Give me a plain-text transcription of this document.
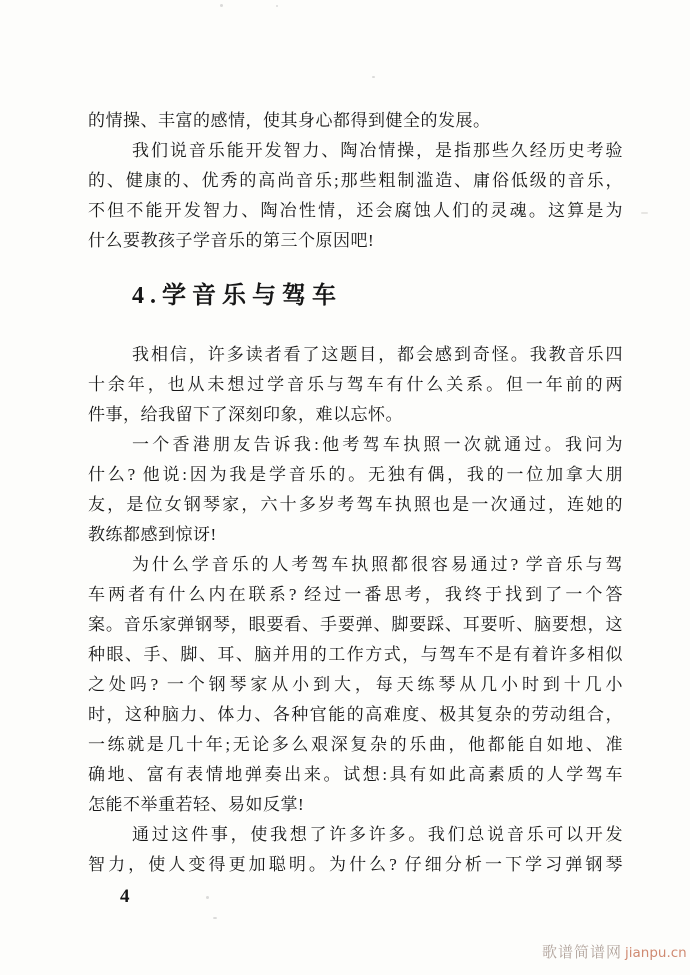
的情操、丰富的感情，使其身心都得到健全的发展。
我们说音乐能开发智力、陶冶情操，是指那些久经历史考验
的、健康的、优秀的高尚音乐;那些粗制滥造、庸俗低级的音乐，
不但不能开发智力、陶冶性情，还会腐蚀人们的灵魂。这算是为
什么要教孩子学音乐的第三个原因吧!
4.学音乐与驾车
我相信，许多读者看了这题目，都会感到奇怪。我教音乐四
十余年，也从未想过学音乐与驾车有什么关系。但一年前的两
件事，给我留下了深刻印象，难以忘怀。
一个香港朋友告诉我:他考驾车执照一次就通过。我问为
什么? 他说:因为我是学音乐的。无独有偶，我的一位加拿大朋
友，是位女钢琴家，六十多岁考驾车执照也是一次通过，连她的
教练都感到惊讶!
为什么学音乐的人考驾车执照都很容易通过? 学音乐与驾
车两者有什么内在联系? 经过一番思考，我终于找到了一个答
案。音乐家弹钢琴，眼要看、手要弹、脚要踩、耳要听、脑要想，这
种眼、手、脚、耳、脑并用的工作方式，与驾车不是有着许多相似
之处吗? 一个钢琴家从小到大，每天练琴从几小时到十几小
时，这种脑力、体力、各种官能的高难度、极其复杂的劳动组合，
一练就是几十年;无论多么艰深复杂的乐曲，他都能自如地、准
确地、富有表情地弹奏出来。试想:具有如此高素质的人学驾车
怎能不举重若轻、易如反掌!
通过这件事，使我想了许多许多。我们总说音乐可以开发
智力，使人变得更加聪明。为什么? 仔细分析一下学习弹钢琴
4
歌谱简谱网 jianpu.cn
